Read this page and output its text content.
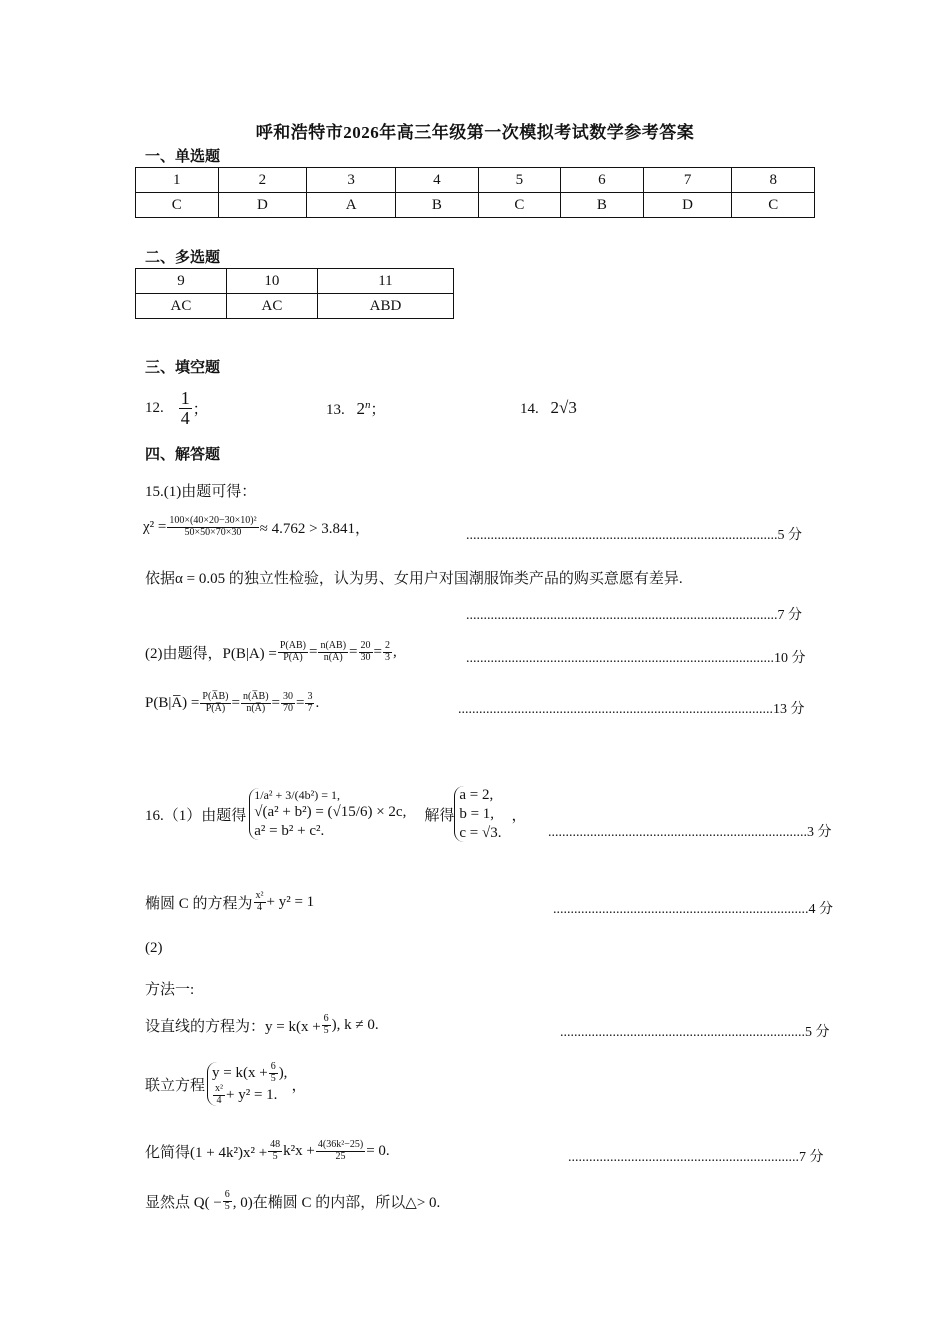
呼和浩特市2026年高三年级第一次模拟考试数学参考答案
一、单选题
1	2	3	4	5	6	7	8
C	D	A	B	C	B	D	C
二、多选题
9	10	11
AC	AC	ABD
三、填空题
12. $\frac{1}{4}$ ；	13. 2$^n$；	14. 2√3
四、解答题
15.(1)由题可得：
$\chi^2 = \frac{\text{100×(40×20−30×10)²}}{50\times 50\times 70\times 30} \approx 4.762 > 3.841$，	.........................................................................................5 分
依据α = 0.05 的独立性检验，认为男、女用户对国潮服饰类产品的购买意愿有差异.
.........................................................................................7 分
(2)由题得，$P(B|A) = \frac{P(AB)}{P(A)} = \frac{n(AB)}{n(A)} = \frac{20}{30} = \frac{2}{3}$ ,	........................................................................................10 分
P(B|A̅) = $\frac{P(A̅B)}{P(A̅)} = \frac{n(A̅B)}{n(A̅)} = \frac{30}{70} = \frac{3}{7}$ .	..........................................................................................13 分
16.（1）由题得
1/a² + 3/(4b²) = 1,
√(a² + b²) = (√15/6) × 2c,
a² = b² + c².
解得
a = 2,
b = 1,
c = √3.
，
..........................................................................3 分
椭圆 C 的方程为 $\frac{\text{x²}}{4} + y^2 = 1$	.........................................................................4 分
(2)
方法一:
设直线的方程为：$y = k(x + \frac{6}{5}$ ), k ≠ 0.	......................................................................5 分
联立方程
$y = k(x + \frac{6}{5}$ ),
$\frac{\text{x²}}{4} + y^2 = 1$.
，
化简得$(1 + 4k^2)x^2 + \frac{48}{5} k^2x + \frac{\text{4(36k²−25)}}{25} = 0$.	..................................................................7 分
显然点 $Q( - \frac{6}{5}$ , 0)在椭圆 C 的内部，所以△> 0.
